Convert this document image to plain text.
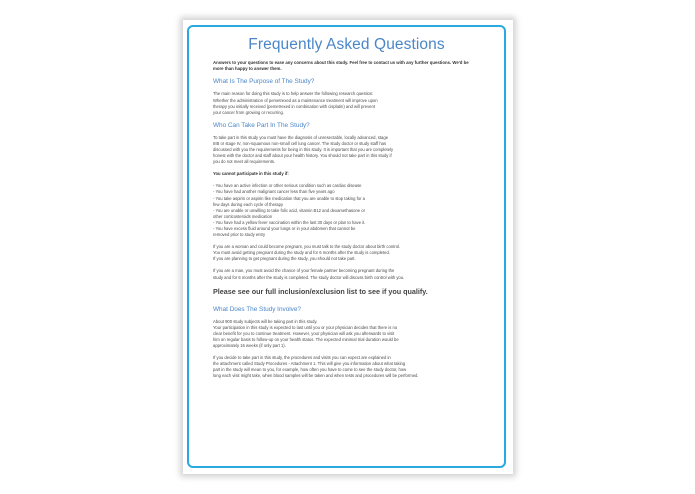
Frequently Asked Questions

Answers to your questions to ease any concerns about this study. Feel free to contact us with any further questions. We'd be more than happy to answer them.

What Is The Purpose of The Study?

The main reason for doing this study is to help answer the following research question:
Whether the administration of pemetrexed as a maintenance treatment will improve upon
therapy you initially received (pemetrexed in combination with cisplatin) and will prevent
your cancer from growing or recurring.

Who Can Take Part In The Study?

To take part in this study you must have the diagnosis of unresectable, locally advanced, stage
IIIB or stage IV, non-squamous non-small cell lung cancer. The study doctor or study staff has
discussed with you the requirements for being in this study. It is important that you are completely
honest with the doctor and staff about your health history. You should not take part in this study if
you do not meet all requirements.

You cannot participate in this study if:

- You have an active infection or other serious condition such as cardiac disease
- You have had another malignant cancer less than five years ago
- You take aspirin or aspirin like medication that you are unable to stop taking for a
few days during each cycle of therapy
- You are unable or unwilling to take folic acid, vitamin B12 and dexamethasone or
other corticosteroids medication
- You have had a yellow fever vaccination within the last 30 days or plan to have it.
- You have excess fluid around your lungs or in your abdomen that cannot be
removed prior to study entry

If you are a woman and could become pregnant, you must talk to the study doctor about birth control.
You must avoid getting pregnant during the study and for 6 months after the study is completed.
If you are planning to get pregnant during the study, you should not take part.

If you are a man, you must avoid the chance of your female partner becoming pregnant during the
study and for 6 months after the study is completed. The study doctor will discuss birth control with you.

Please see our full inclusion/exclusion list to see if you qualify.

What Does The Study Involve?

About 900 study subjects will be taking part in this study.
Your participation in this study is expected to last until you or your physician decides that there is no
clear benefit for you to continue treatment. However, your physician will ask you afterwards to visit
him on regular basis to follow-up on your health status. The expected minimal trial duration would be
approximately 16 weeks (if only part 1).

If you decide to take part in this study, the procedures and visits you can expect are explained in
the attachment called Study Procedures - Attachment 1. This will give you information about what taking
part in the study will mean to you, for example, how often you have to come to see the study doctor, how
long each visit might take, when blood samples will be taken and when tests and procedures will be performed.
